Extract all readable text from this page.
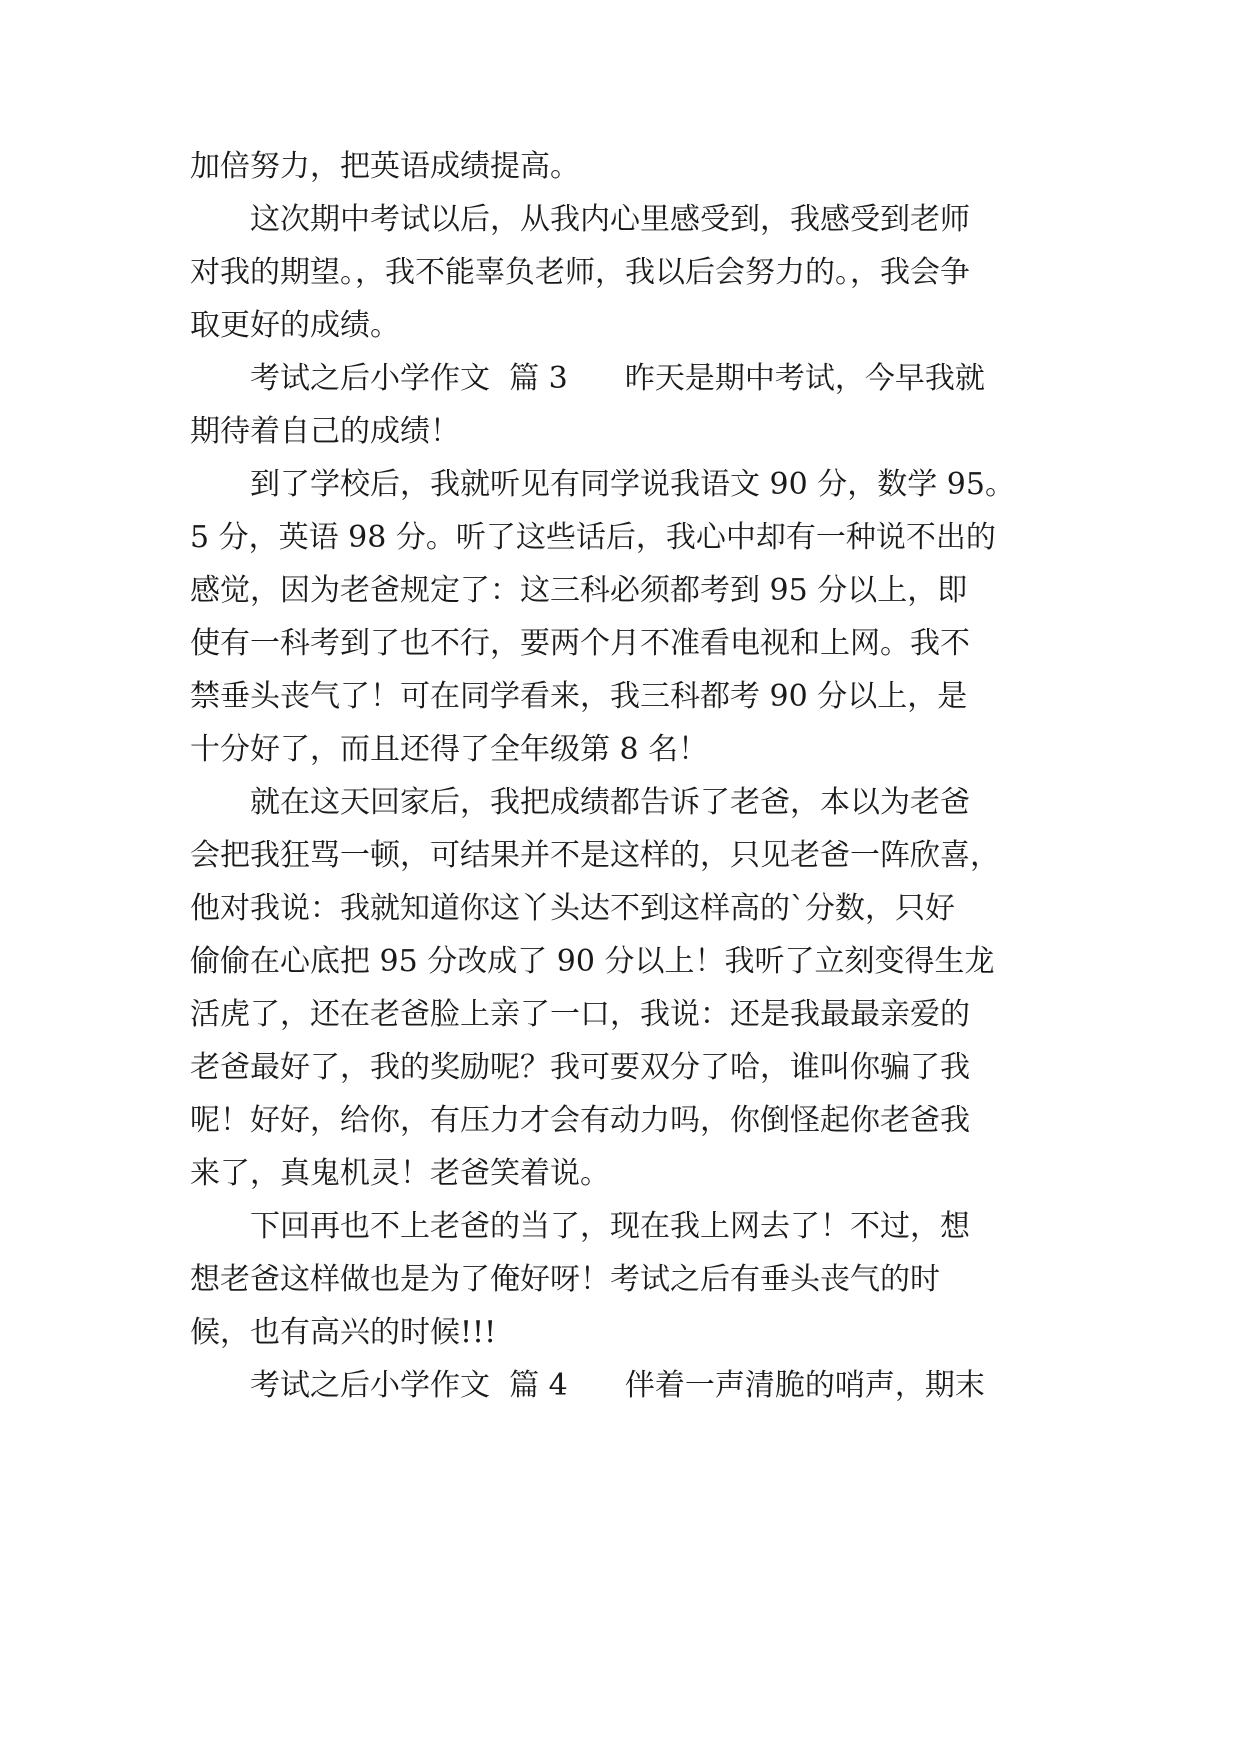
加倍努力，把英语成绩提高。
这次期中考试以后，从我内心里感受到，我感受到老师
对我的期望。，我不能辜负老师，我以后会努力的。，我会争
取更好的成绩。
考试之后小学作文  篇 3      昨天是期中考试，今早我就
期待着自己的成绩！
到了学校后，我就听见有同学说我语文 90 分，数学 95。
5 分，英语 98 分。听了这些话后，我心中却有一种说不出的
感觉，因为老爸规定了：这三科必须都考到 95 分以上，即
使有一科考到了也不行，要两个月不准看电视和上网。我不
禁垂头丧气了！可在同学看来，我三科都考 90 分以上，是
十分好了，而且还得了全年级第 8 名！
就在这天回家后，我把成绩都告诉了老爸，本以为老爸
会把我狂骂一顿，可结果并不是这样的，只见老爸一阵欣喜，
他对我说：我就知道你这丫头达不到这样高的`分数，只好
偷偷在心底把 95 分改成了 90 分以上！我听了立刻变得生龙
活虎了，还在老爸脸上亲了一口，我说：还是我最最亲爱的
老爸最好了，我的奖励呢？我可要双分了哈，谁叫你骗了我
呢！好好，给你，有压力才会有动力吗，你倒怪起你老爸我
来了，真鬼机灵！老爸笑着说。
下回再也不上老爸的当了，现在我上网去了！不过，想
想老爸这样做也是为了俺好呀！考试之后有垂头丧气的时
候，也有高兴的时候!!!
考试之后小学作文  篇 4      伴着一声清脆的哨声，期末
